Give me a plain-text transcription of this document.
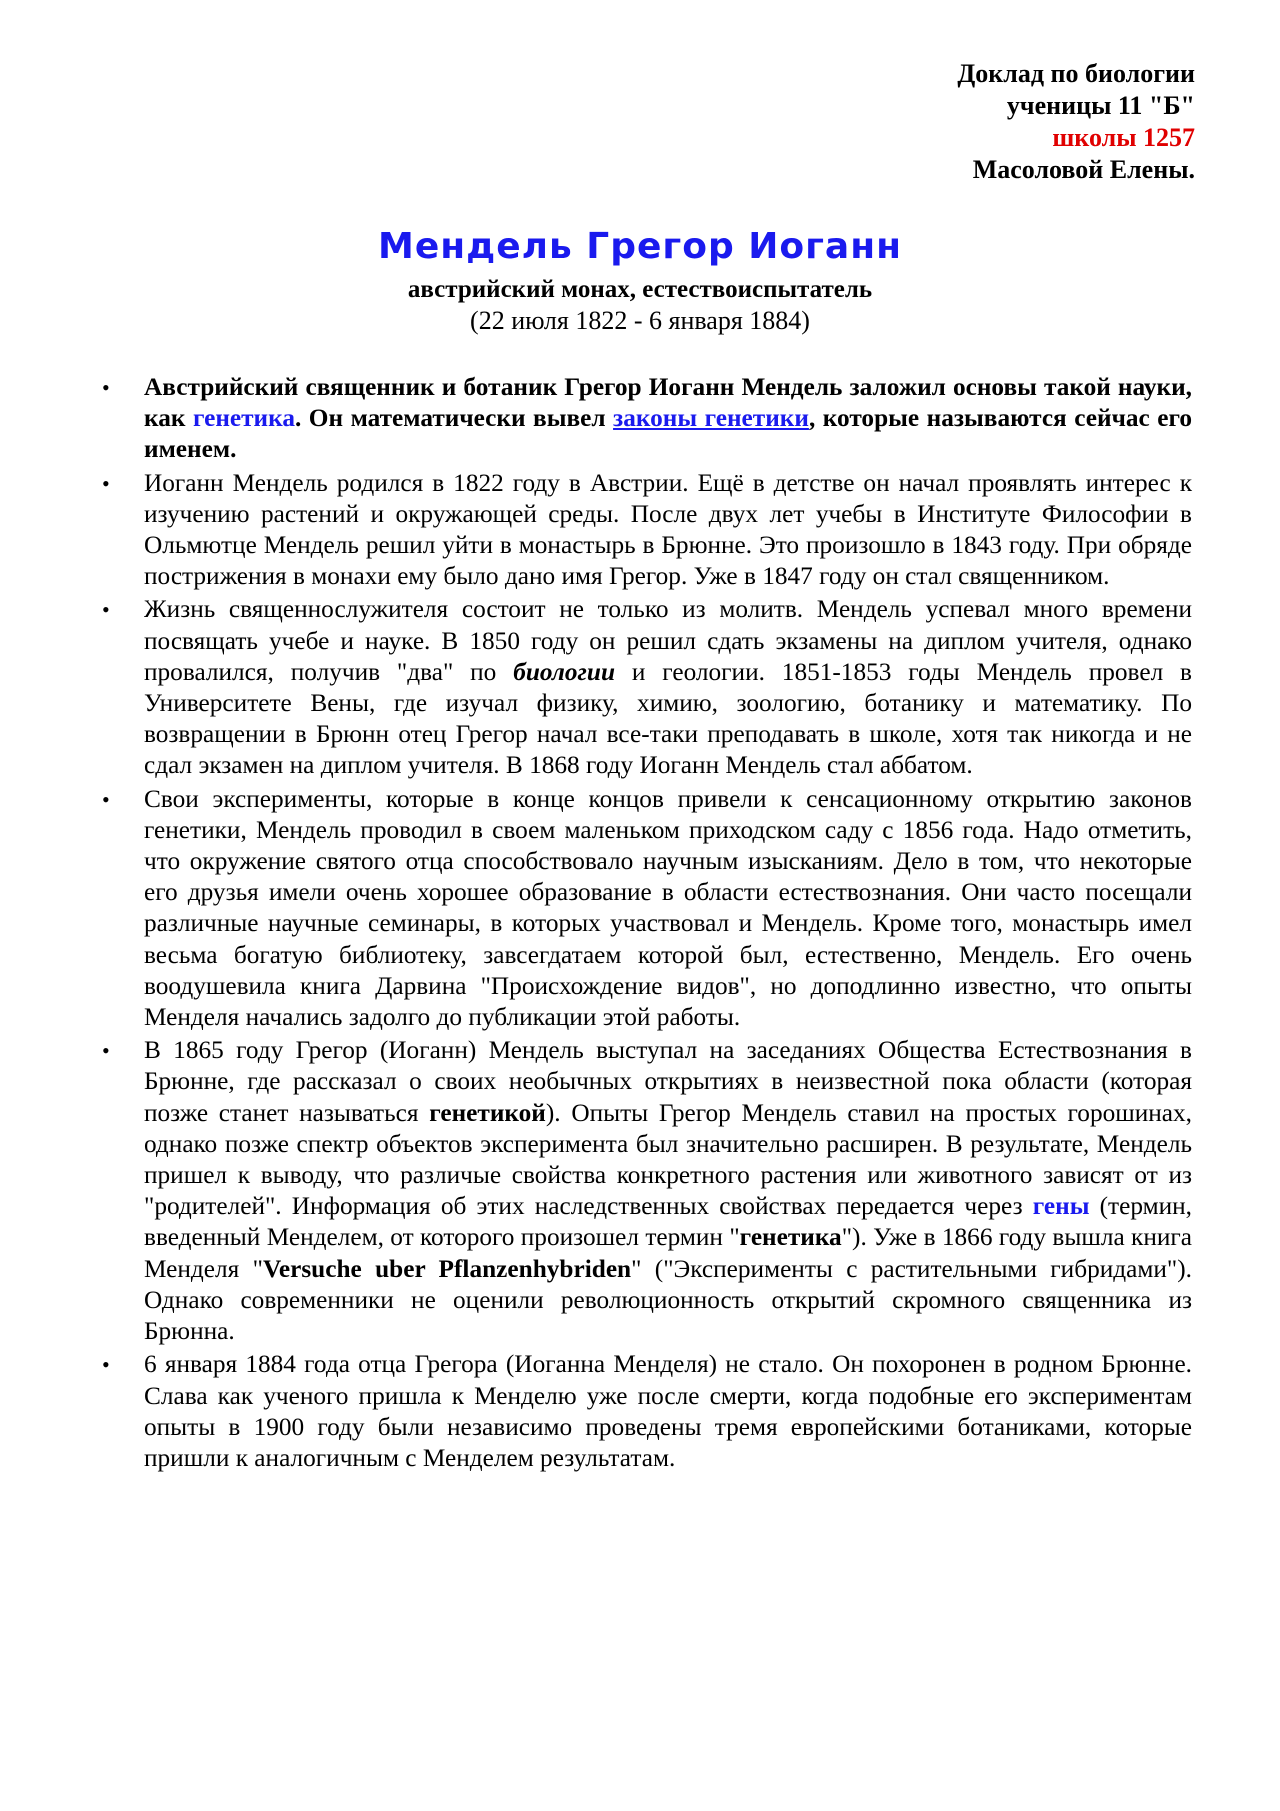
Доклад по биологии
ученицы 11 "Б"
школы 1257
Масоловой Елены.
Мендель Грегор Иоганн
австрийский монах, естествоиспытатель
(22 июля 1822 - 6 января 1884)
• Австрийский священник и ботаник Грегор Иоганн Мендель заложил основы такой науки, как генетика. Он математически вывел законы генетики, которые называются сейчас его именем.
• Иоганн Мендель родился в 1822 году в Австрии. Ещё в детстве он начал проявлять интерес к изучению растений и окружающей среды. После двух лет учебы в Институте Философии в Ольмютце Мендель решил уйти в монастырь в Брюнне. Это произошло в 1843 году. При обряде пострижения в монахи ему было дано имя Грегор. Уже в 1847 году он стал священником.
• Жизнь священнослужителя состоит не только из молитв. Мендель успевал много времени посвящать учебе и науке. В 1850 году он решил сдать экзамены на диплом учителя, однако провалился, получив "два" по биологии и геологии. 1851-1853 годы Мендель провел в Университете Вены, где изучал физику, химию, зоологию, ботанику и математику. По возвращении в Брюнн отец Грегор начал все-таки преподавать в школе, хотя так никогда и не сдал экзамен на диплом учителя. В 1868 году Иоганн Мендель стал аббатом.
• Свои эксперименты, которые в конце концов привели к сенсационному открытию законов генетики, Мендель проводил в своем маленьком приходском саду с 1856 года. Надо отметить, что окружение святого отца способствовало научным изысканиям. Дело в том, что некоторые его друзья имели очень хорошее образование в области естествознания. Они часто посещали различные научные семинары, в которых участвовал и Мендель. Кроме того, монастырь имел весьма богатую библиотеку, завсегдатаем которой был, естественно, Мендель. Его очень воодушевила книга Дарвина "Происхождение видов", но доподлинно известно, что опыты Менделя начались задолго до публикации этой работы.
• В 1865 году Грегор (Иоганн) Мендель выступал на заседаниях Общества Естествознания в Брюнне, где рассказал о своих необычных открытиях в неизвестной пока области (которая позже станет называться генетикой). Опыты Грегор Мендель ставил на простых горошинах, однако позже спектр объектов эксперимента был значительно расширен. В результате, Мендель пришел к выводу, что различые свойства конкретного растения или животного зависят от из "родителей". Информация об этих наследственных свойствах передается через гены (термин, введенный Менделем, от которого произошел термин "генетика"). Уже в 1866 году вышла книга Менделя "Versuche uber Pflanzenhybriden" ("Эксперименты с растительными гибридами"). Однако современники не оценили революционность открытий скромного священника из Брюнна.
• 6 января 1884 года отца Грегора (Иоганна Менделя) не стало. Он похоронен в родном Брюнне. Слава как ученого пришла к Менделю уже после смерти, когда подобные его экспериментам опыты в 1900 году были независимо проведены тремя европейскими ботаниками, которые пришли к аналогичным с Менделем результатам.
